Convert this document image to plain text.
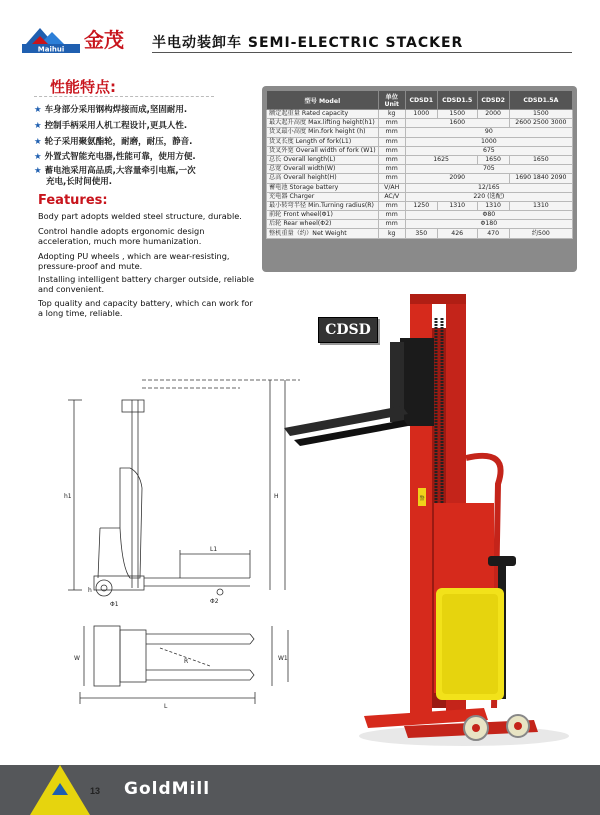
Maihui 金茂 半电动装卸车 SEMI-ELECTRIC STACKER
性能特点:
★ 车身部分采用钢构焊接而成,坚固耐用.
★ 控制手柄采用人机工程设计,更具人性.
★ 轮子采用聚氨酯轮，耐磨，耐压，静音.
★ 外置式智能充电器,性能可靠，使用方便.
★ 蓄电池采用高品质,大容量牵引电瓶,一次
充电,长时间使用.
Features:
Body part adopts welded steel structure, durable.
Control handle adopts ergonomic design acceleration, much more humanization.
Adopting PU wheels , which are wear-resisting, pressure-proof and mute.
Installing intelligent battery charger outside, reliable and convenient.
Top quality and capacity battery, which can work for a long time, reliable.
型号 Model	单位 Unit	CDSD1	CDSD1.5	CDSD2	CDSD1.5A
额定起重量 Rated capacity	kg	1000	1500	2000	1500
最大起升高度 Max.lifting height(h1)	mm	1600			2600 2500 3000
货叉最小高度 Min.fork height (h)	mm	90			
货叉长度 Length of fork(L1)	mm	1000			
货叉外宽 Overall width of fork (W1)	mm	675			
总长 Overall length(L)	mm	1625		1650	1650
总宽 Overall width(W)	mm	705			
总高 Overall height(H)	mm	2090			1690 1840 2090
蓄电池 Storage battery	V/AH	12/165			
充电器 Charger	AC/V	220 (选配)			
最小转弯半径 Min.Turning radius(R)	mm	1250	1310	1310	1310
前轮 Front wheel(Φ1)	mm	Φ80			
后轮 Rear wheel(Φ2)	mm	Φ180			
整机重量（约）Net Weight	kg	350	426	470	约500
CDSD
h1	H
h
L1
W	W1
R
L
Φ1	Φ2
警
13 GoldMill
